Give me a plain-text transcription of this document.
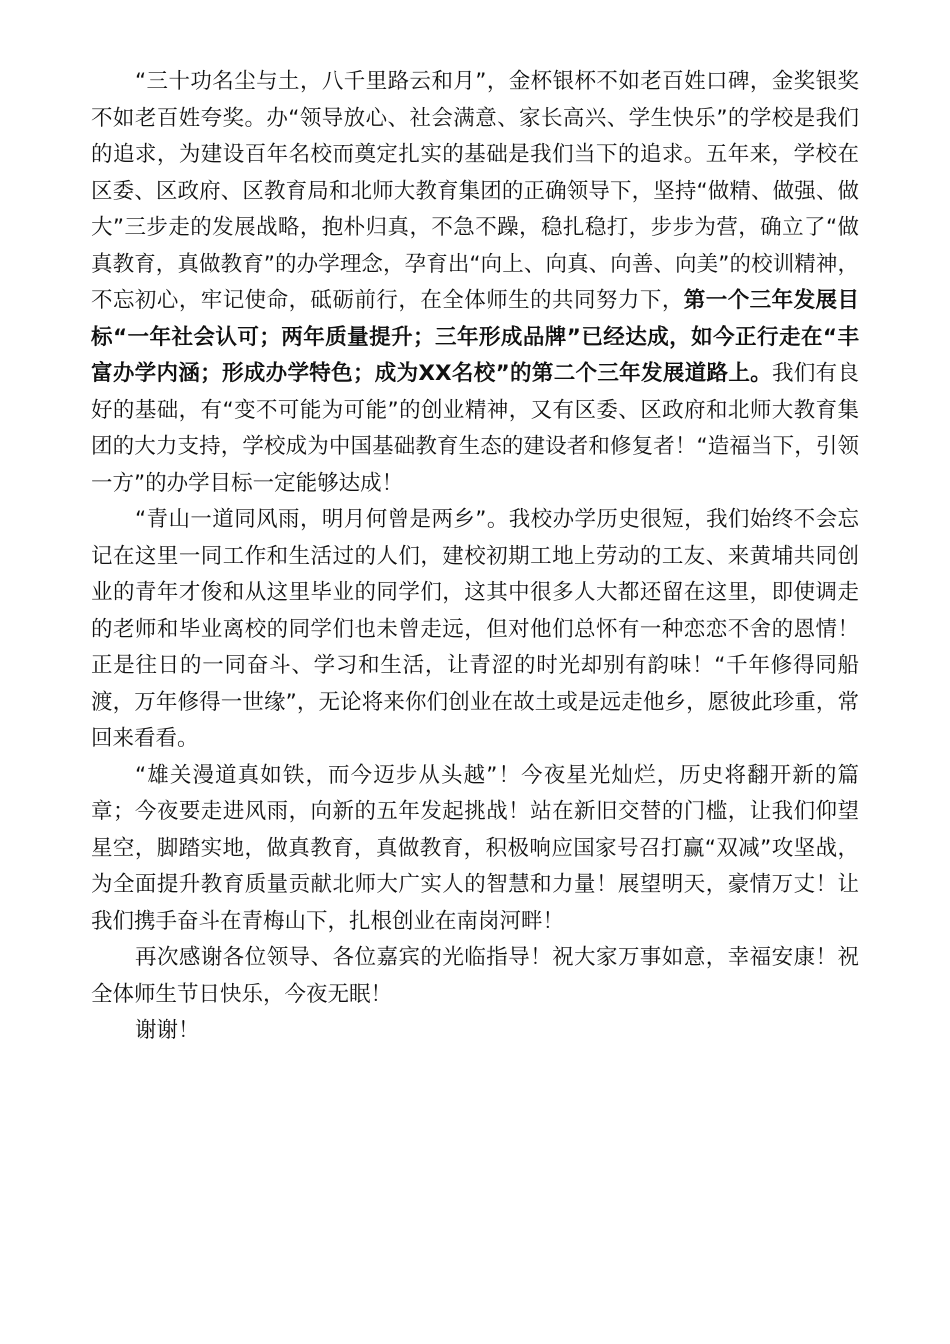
“三十功名尘与土，八千里路云和月”，金杯银杯不如老百姓口碑，金奖银奖不如老百姓夸奖。办“领导放心、社会满意、家长高兴、学生快乐”的学校是我们的追求，为建设百年名校而奠定扎实的基础是我们当下的追求。五年来，学校在区委、区政府、区教育局和北师大教育集团的正确领导下，坚持“做精、做强、做大”三步走的发展战略，抱朴归真，不急不躁，稳扎稳打，步步为营，确立了“做真教育，真做教育”的办学理念，孕育出“向上、向真、向善、向美”的校训精神，不忘初心，牢记使命，砥砺前行，在全体师生的共同努力下，第一个三年发展目标“一年社会认可；两年质量提升；三年形成品牌”已经达成，如今正行走在“丰富办学内涵；形成办学特色；成为XX名校”的第二个三年发展道路上。我们有良好的基础，有“变不可能为可能”的创业精神，又有区委、区政府和北师大教育集团的大力支持，学校成为中国基础教育生态的建设者和修复者！“造福当下，引领一方”的办学目标一定能够达成！

“青山一道同风雨，明月何曾是两乡”。我校办学历史很短，我们始终不会忘记在这里一同工作和生活过的人们，建校初期工地上劳动的工友、来黄埔共同创业的青年才俊和从这里毕业的同学们，这其中很多人大都还留在这里，即使调走的老师和毕业离校的同学们也未曾走远，但对他们总怀有一种恋恋不舍的恩情！正是往日的一同奋斗、学习和生活，让青涩的时光却别有韵味！“千年修得同船渡，万年修得一世缘”，无论将来你们创业在故土或是远走他乡，愿彼此珍重，常回来看看。

“雄关漫道真如铁，而今迈步从头越”！今夜星光灿烂，历史将翻开新的篇章；今夜要走进风雨，向新的五年发起挑战！站在新旧交替的门槛，让我们仰望星空，脚踏实地，做真教育，真做教育，积极响应国家号召打赢“双减”攻坚战，为全面提升教育质量贡献北师大广实人的智慧和力量！展望明天，豪情万丈！让我们携手奋斗在青梅山下，扎根创业在南岗河畔！

再次感谢各位领导、各位嘉宾的光临指导！祝大家万事如意，幸福安康！祝全体师生节日快乐，今夜无眠！

谢谢！
